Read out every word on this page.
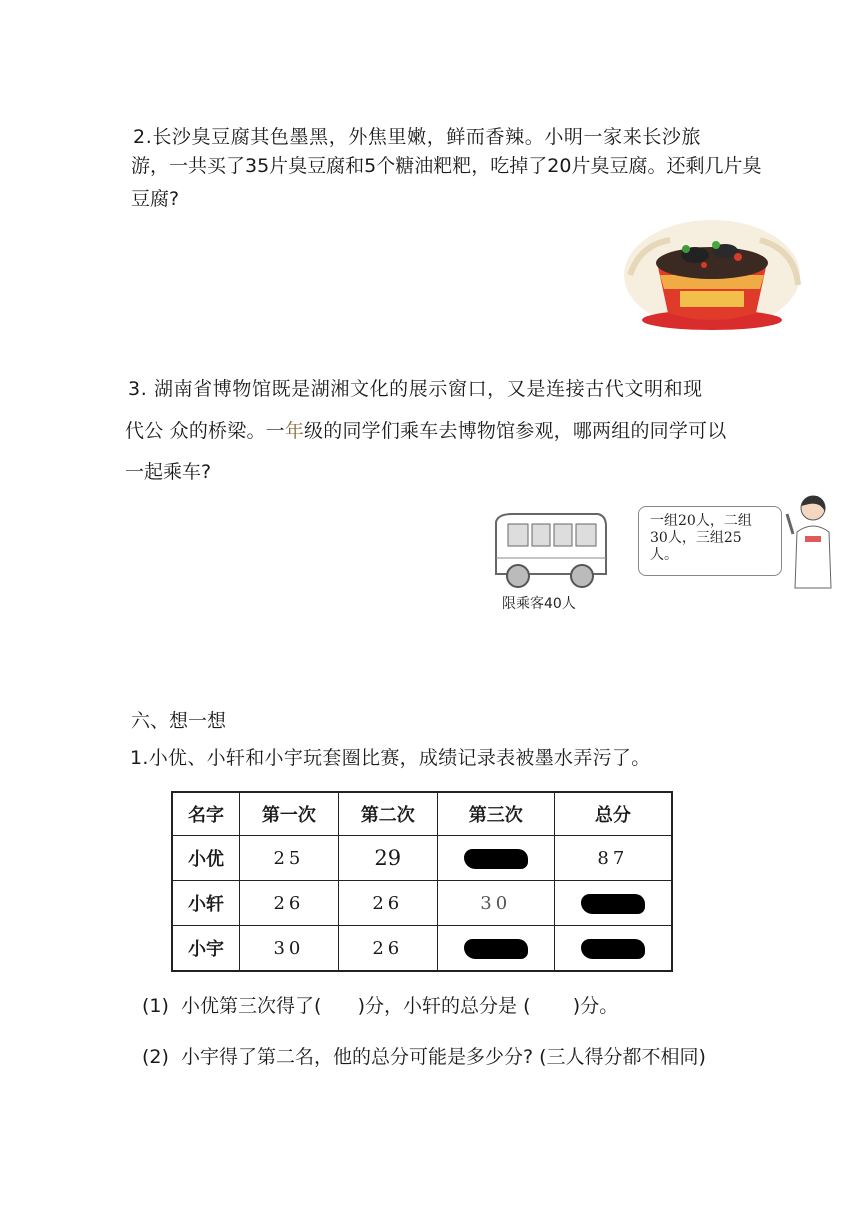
2.长沙臭豆腐其色墨黑，外焦里嫩，鲜而香辣。小明一家来长沙旅
游，一共买了35片臭豆腐和5个糖油粑粑，吃掉了20片臭豆腐。还剩几片臭
豆腐?
3. 湖南省博物馆既是湖湘文化的展示窗口，又是连接古代文明和现
代公 众的桥梁。一年级的同学们乘车去博物馆参观，哪两组的同学可以
一起乘车?
限乘客40人
一组20人，二组30人，三组25人。
六、想一想
1.小优、小轩和小宇玩套圈比赛，成绩记录表被墨水弄污了。
名字	第一次	第二次	第三次	总分
小优	25	29		87
小轩	26	26	30	
小宇	30	26		
(1)  小优第三次得了(      )分，小轩的总分是 (       )分。
(2)  小宇得了第二名，他的总分可能是多少分? (三人得分都不相同)
